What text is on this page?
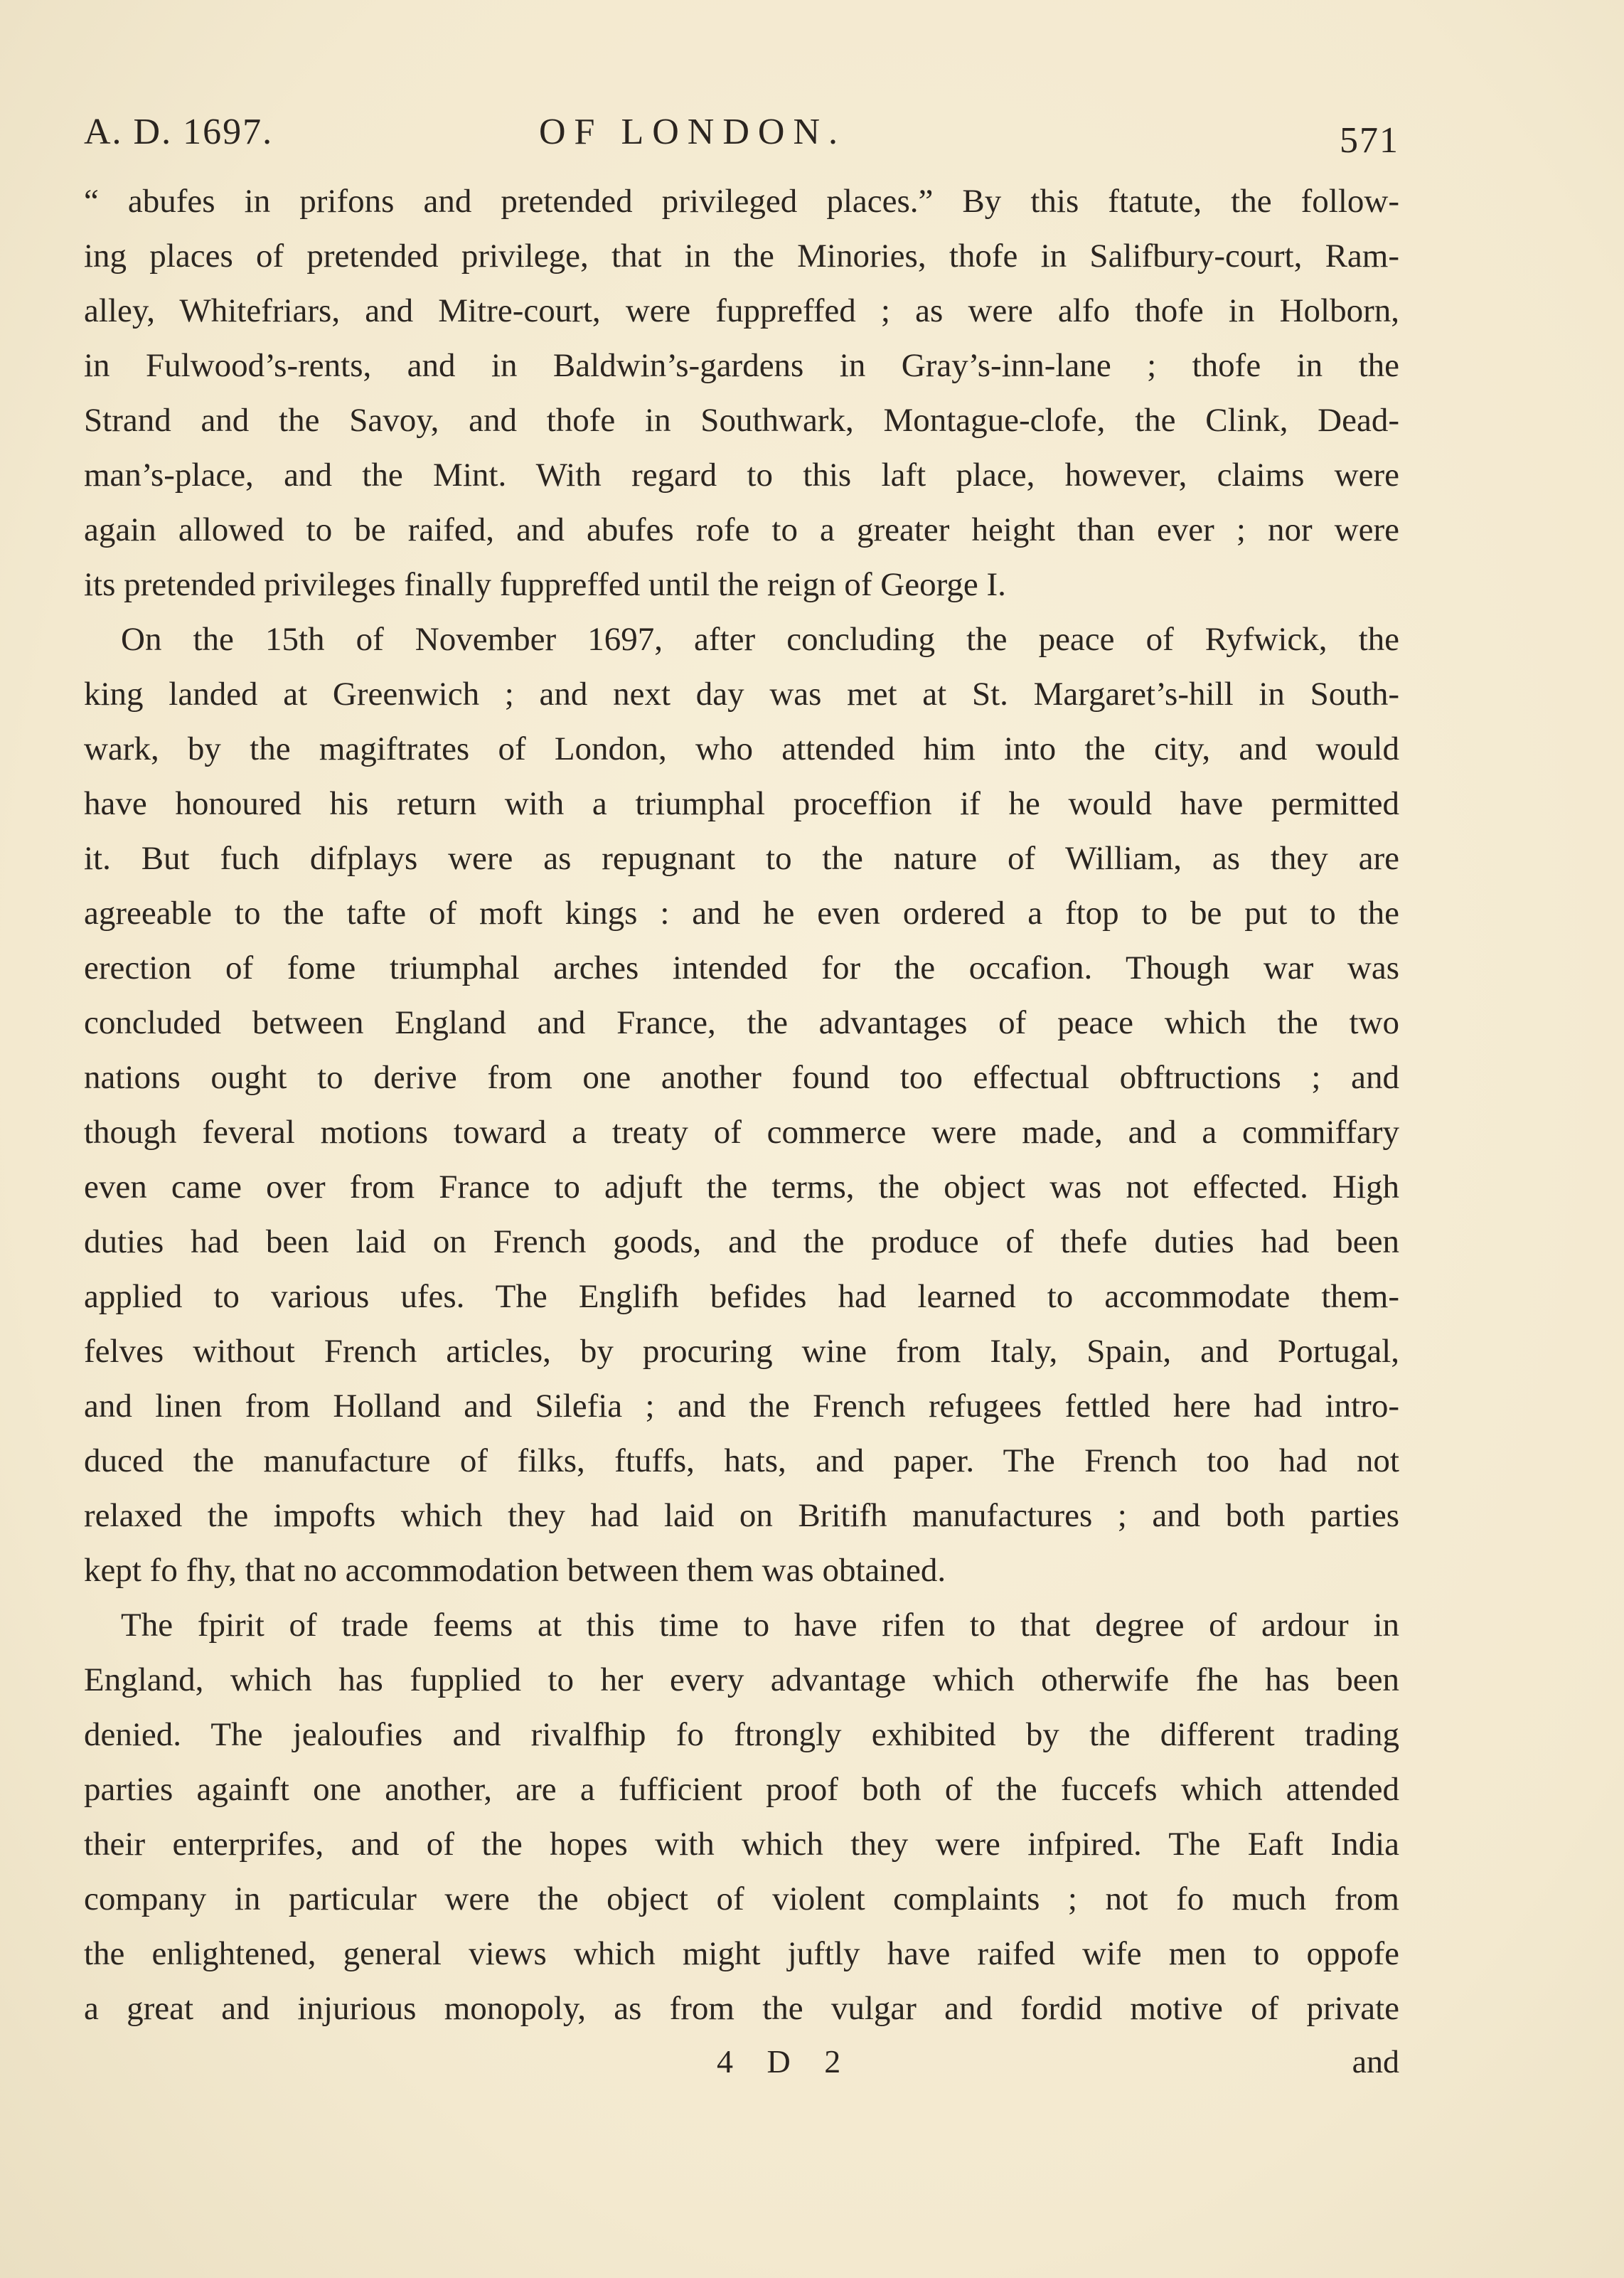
A. D. 1697.	OF LONDON.	571
“ abufes in prifons and pretended privileged places.” By this ftatute, the follow-
ing places of pretended privilege, that in the Minories, thofe in Salifbury-court, Ram-
alley, Whitefriars, and Mitre-court, were fuppreffed ; as were alfo thofe in Holborn,
in Fulwood’s-rents, and in Baldwin’s-gardens in Gray’s-inn-lane ; thofe in the
Strand and the Savoy, and thofe in Southwark, Montague-clofe, the Clink, Dead-
man’s-place, and the Mint. With regard to this laft place, however, claims were
again allowed to be raifed, and abufes rofe to a greater height than ever ; nor were
its pretended privileges finally fuppreffed until the reign of George I.
On the 15th of November 1697, after concluding the peace of Ryfwick, the
king landed at Greenwich ; and next day was met at St. Margaret’s-hill in South-
wark, by the magiftrates of London, who attended him into the city, and would
have honoured his return with a triumphal proceffion if he would have permitted
it. But fuch difplays were as repugnant to the nature of William, as they are
agreeable to the tafte of moft kings : and he even ordered a ftop to be put to the
erection of fome triumphal arches intended for the occafion. Though war was
concluded between England and France, the advantages of peace which the two
nations ought to derive from one another found too effectual obftructions ; and
though feveral motions toward a treaty of commerce were made, and a commiffary
even came over from France to adjuft the terms, the object was not effected. High
duties had been laid on French goods, and the produce of thefe duties had been
applied to various ufes. The Englifh befides had learned to accommodate them-
felves without French articles, by procuring wine from Italy, Spain, and Portugal,
and linen from Holland and Silefia ; and the French refugees fettled here had intro-
duced the manufacture of filks, ftuffs, hats, and paper. The French too had not
relaxed the impofts which they had laid on Britifh manufactures ; and both parties
kept fo fhy, that no accommodation between them was obtained.
The fpirit of trade feems at this time to have rifen to that degree of ardour in
England, which has fupplied to her every advantage which otherwife fhe has been
denied. The jealoufies and rivalfhip fo ftrongly exhibited by the different trading
parties againft one another, are a fufficient proof both of the fuccefs which attended
their enterprifes, and of the hopes with which they were infpired. The Eaft India
company in particular were the object of violent complaints ; not fo much from
the enlightened, general views which might juftly have raifed wife men to oppofe
a great and injurious monopoly, as from the vulgar and fordid motive of private
4 D 2	and
